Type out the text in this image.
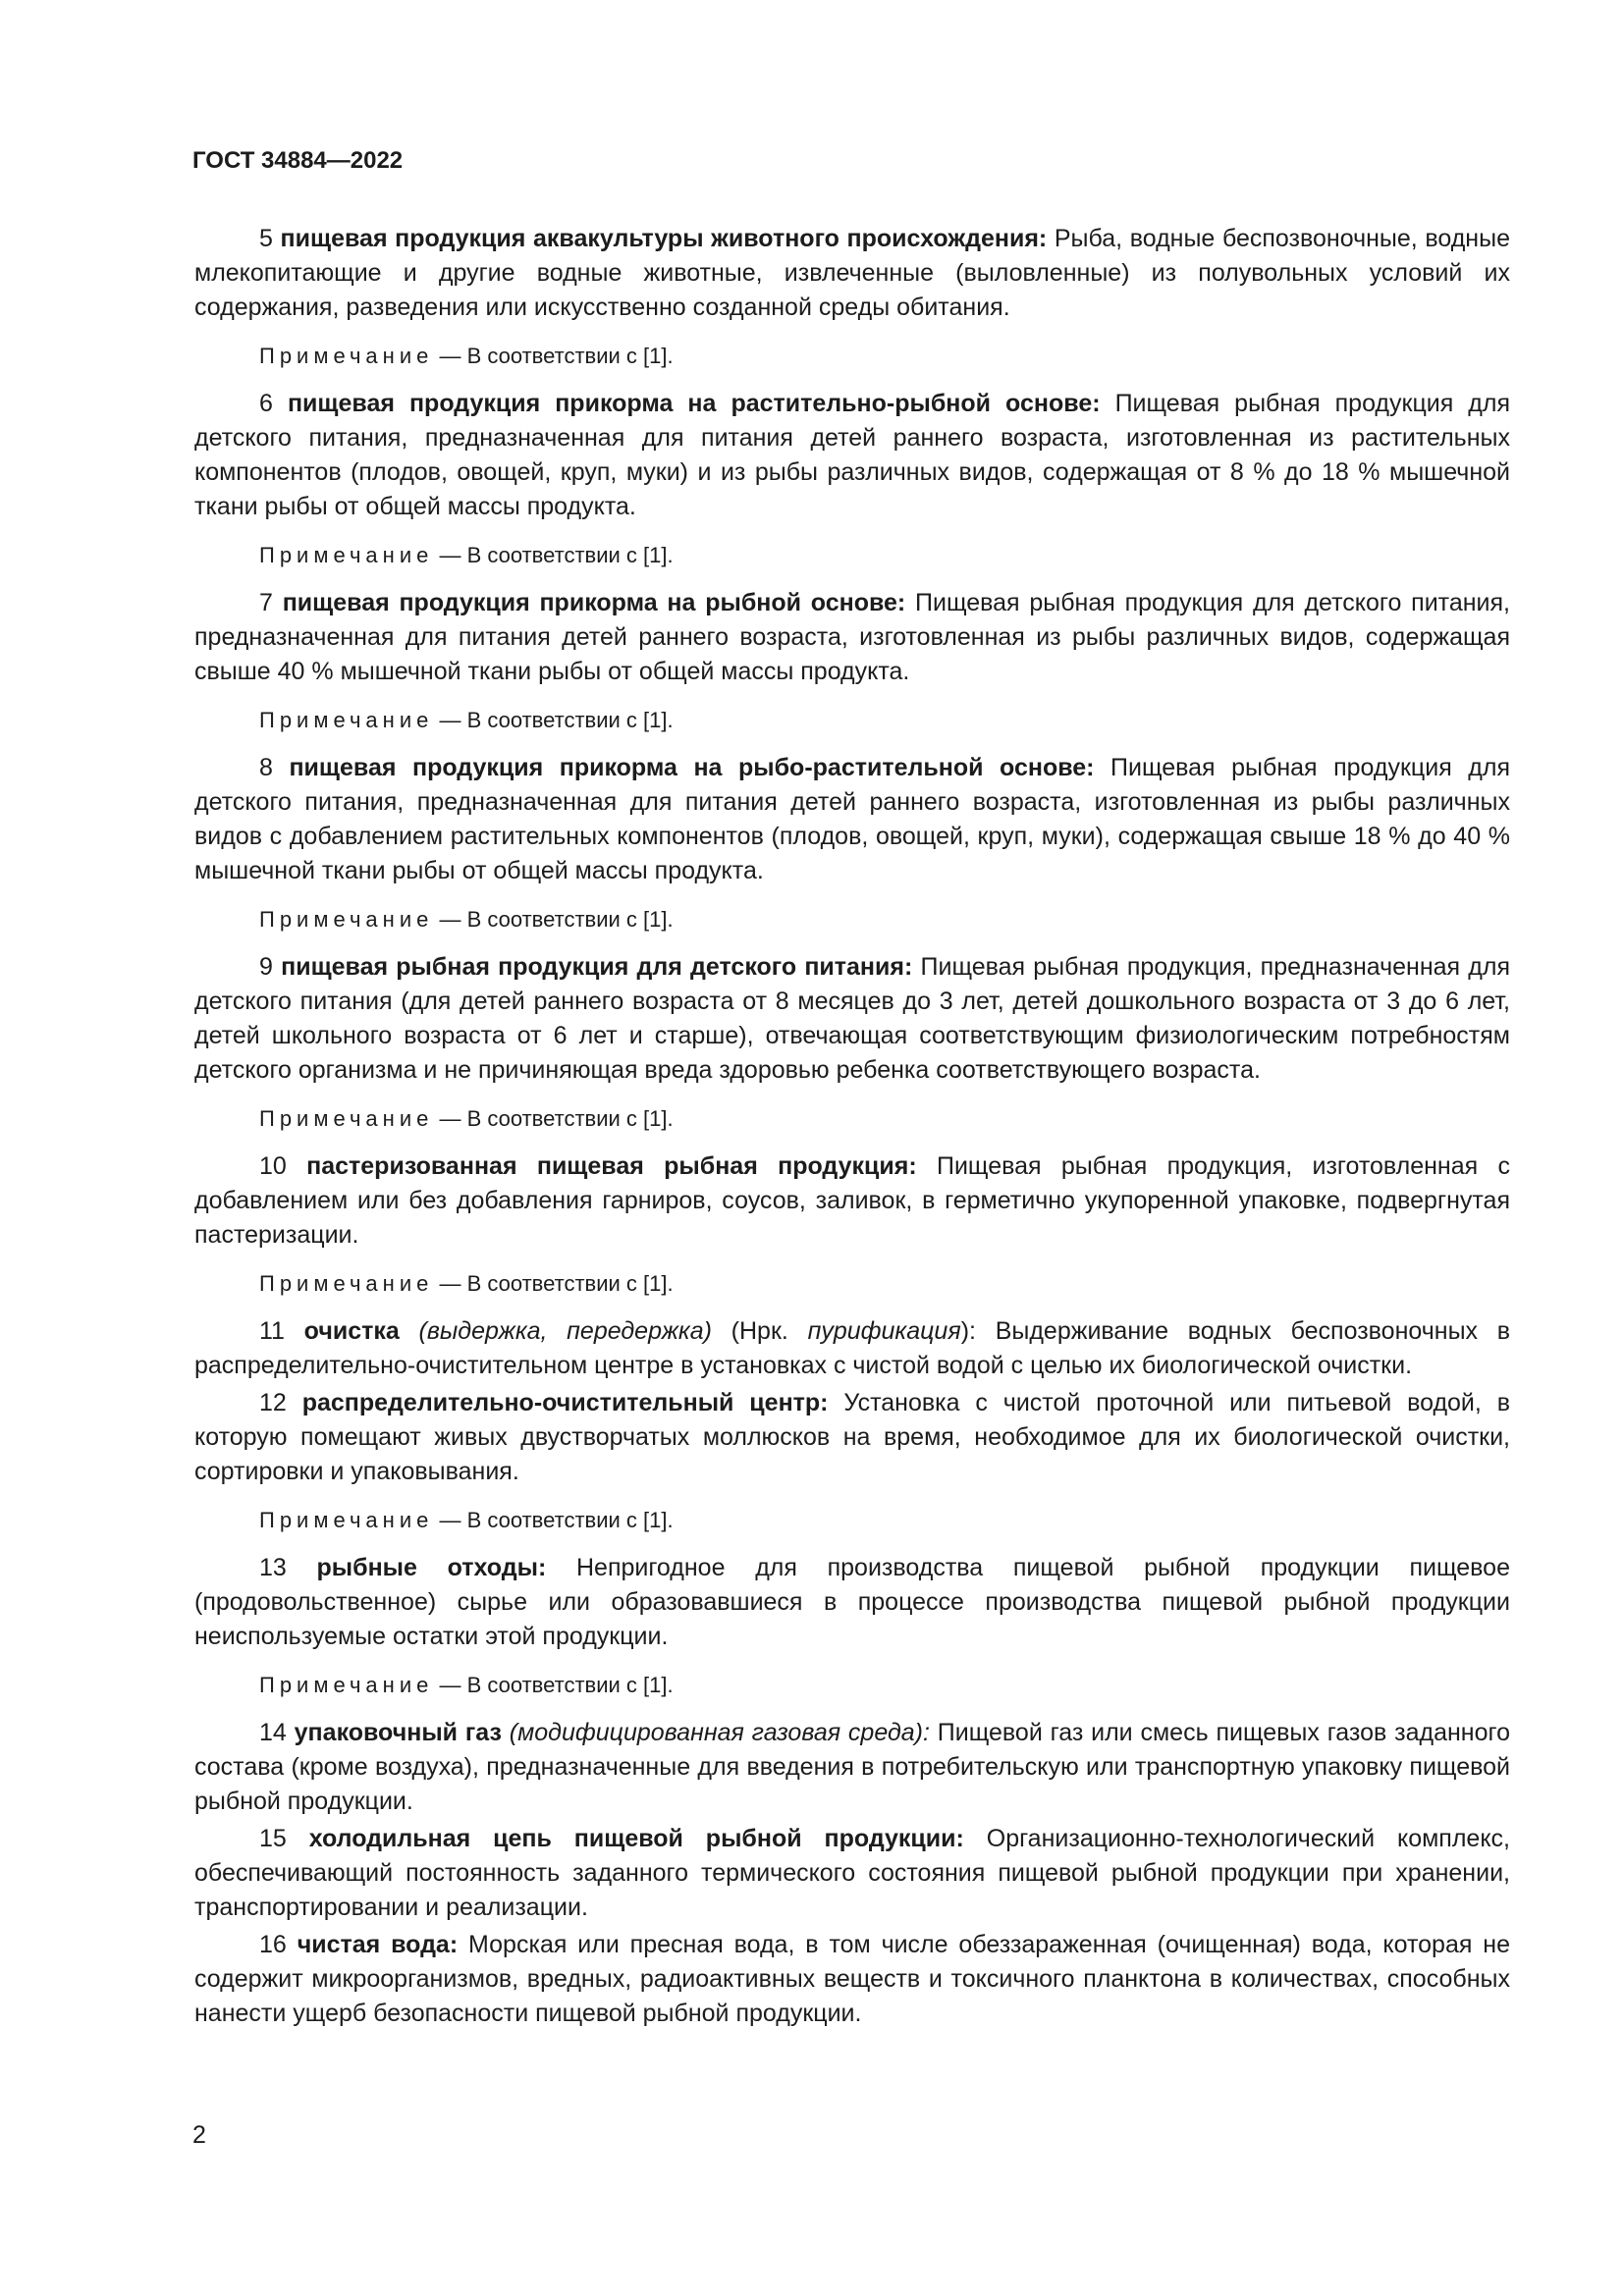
ГОСТ 34884—2022

5 пищевая продукция аквакультуры животного происхождения: Рыба, водные беспозвоночные, водные млекопитающие и другие водные животные, извлеченные (выловленные) из полувольных условий их содержания, разведения или искусственно созданной среды обитания.

Примечание — В соответствии с [1].

6 пищевая продукция прикорма на растительно-рыбной основе: Пищевая рыбная продукция для детского питания, предназначенная для питания детей раннего возраста, изготовленная из растительных компонентов (плодов, овощей, круп, муки) и из рыбы различных видов, содержащая от 8 % до 18 % мышечной ткани рыбы от общей массы продукта.

Примечание — В соответствии с [1].

7 пищевая продукция прикорма на рыбной основе: Пищевая рыбная продукция для детского питания, предназначенная для питания детей раннего возраста, изготовленная из рыбы различных видов, содержащая свыше 40 % мышечной ткани рыбы от общей массы продукта.

Примечание — В соответствии с [1].

8 пищевая продукция прикорма на рыбо-растительной основе: Пищевая рыбная продукция для детского питания, предназначенная для питания детей раннего возраста, изготовленная из рыбы различных видов с добавлением растительных компонентов (плодов, овощей, круп, муки), содержащая свыше 18 % до 40 % мышечной ткани рыбы от общей массы продукта.

Примечание — В соответствии с [1].

9 пищевая рыбная продукция для детского питания: Пищевая рыбная продукция, предназначенная для детского питания (для детей раннего возраста от 8 месяцев до 3 лет, детей дошкольного возраста от 3 до 6 лет, детей школьного возраста от 6 лет и старше), отвечающая соответствующим физиологическим потребностям детского организма и не причиняющая вреда здоровью ребенка соответствующего возраста.

Примечание — В соответствии с [1].

10 пастеризованная пищевая рыбная продукция: Пищевая рыбная продукция, изготовленная с добавлением или без добавления гарниров, соусов, заливок, в герметично укупоренной упаковке, подвергнутая пастеризации.

Примечание — В соответствии с [1].

11 очистка (выдержка, передержка) (Нрк. пурификация): Выдерживание водных беспозвоночных в распределительно-очистительном центре в установках с чистой водой с целью их биологической очистки.

12 распределительно-очистительный центр: Установка с чистой проточной или питьевой водой, в которую помещают живых двустворчатых моллюсков на время, необходимое для их биологической очистки, сортировки и упаковывания.

Примечание — В соответствии с [1].

13 рыбные отходы: Непригодное для производства пищевой рыбной продукции пищевое (продовольственное) сырье или образовавшиеся в процессе производства пищевой рыбной продукции неиспользуемые остатки этой продукции.

Примечание — В соответствии с [1].

14 упаковочный газ (модифицированная газовая среда): Пищевой газ или смесь пищевых газов заданного состава (кроме воздуха), предназначенные для введения в потребительскую или транспортную упаковку пищевой рыбной продукции.

15 холодильная цепь пищевой рыбной продукции: Организационно-технологический комплекс, обеспечивающий постоянность заданного термического состояния пищевой рыбной продукции при хранении, транспортировании и реализации.

16 чистая вода: Морская или пресная вода, в том числе обеззараженная (очищенная) вода, которая не содержит микроорганизмов, вредных, радиоактивных веществ и токсичного планктона в количествах, способных нанести ущерб безопасности пищевой рыбной продукции.

2
